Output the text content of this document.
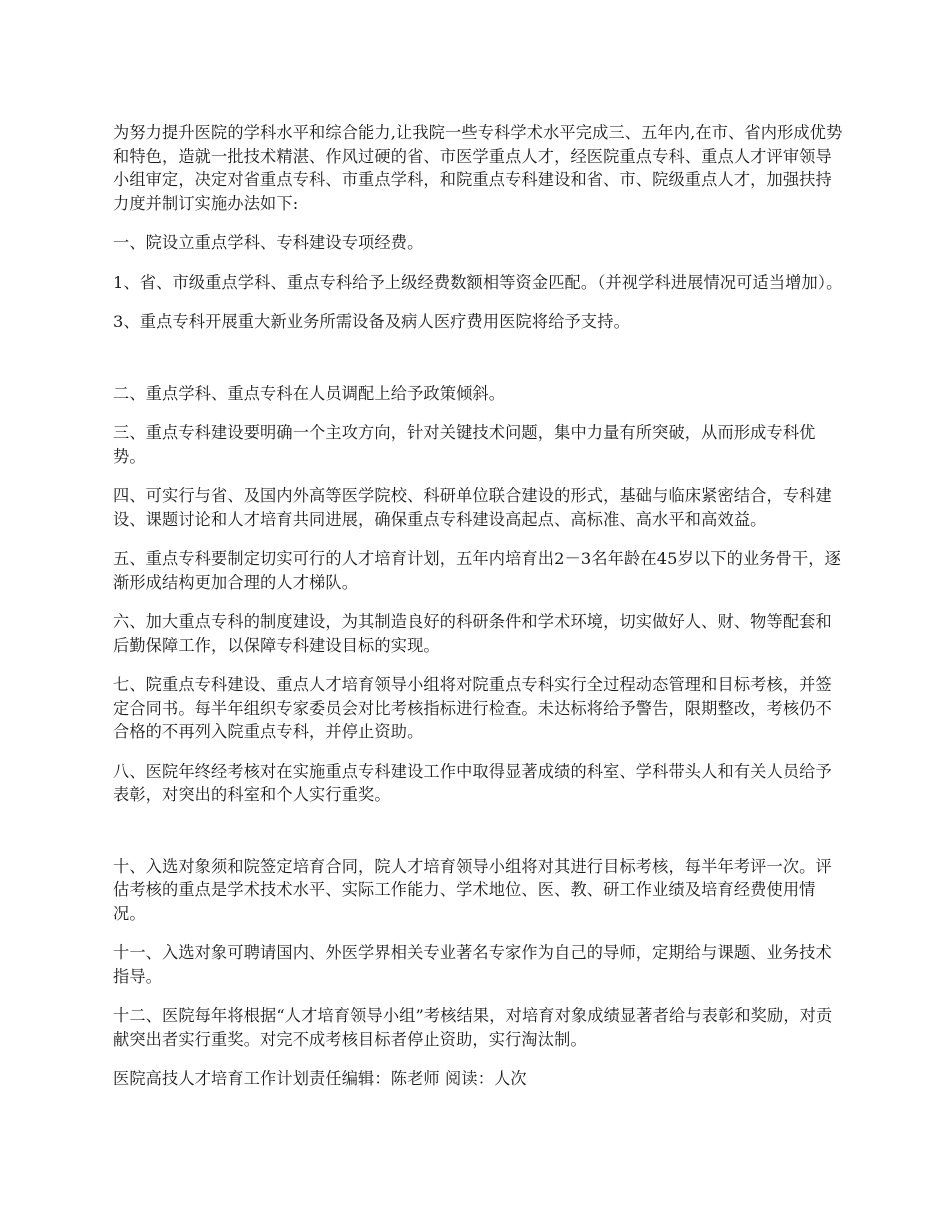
为努力提升医院的学科水平和综合能力,让我院一些专科学术水平完成三、五年内,在市、省内形成优势和特色，造就一批技术精湛、作风过硬的省、市医学重点人才，经医院重点专科、重点人才评审领导小组审定，决定对省重点专科、市重点学科，和院重点专科建设和省、市、院级重点人才，加强扶持力度并制订实施办法如下:

一、院设立重点学科、专科建设专项经费。

1、省、市级重点学科、重点专科给予上级经费数额相等资金匹配。（并视学科进展情况可适当增加）。

3、重点专科开展重大新业务所需设备及病人医疗费用医院将给予支持。

二、重点学科、重点专科在人员调配上给予政策倾斜。

三、重点专科建设要明确一个主攻方向，针对关键技术问题，集中力量有所突破，从而形成专科优势。

四、可实行与省、及国内外高等医学院校、科研单位联合建设的形式，基础与临床紧密结合，专科建设、课题讨论和人才培育共同进展，确保重点专科建设高起点、高标准、高水平和高效益。

五、重点专科要制定切实可行的人才培育计划，五年内培育出2－3名年龄在45岁以下的业务骨干，逐渐形成结构更加合理的人才梯队。

六、加大重点专科的制度建设，为其制造良好的科研条件和学术环境，切实做好人、财、物等配套和后勤保障工作，以保障专科建设目标的实现。

七、院重点专科建设、重点人才培育领导小组将对院重点专科实行全过程动态管理和目标考核，并签定合同书。每半年组织专家委员会对比考核指标进行检查。未达标将给予警告，限期整改，考核仍不合格的不再列入院重点专科，并停止资助。

八、医院年终经考核对在实施重点专科建设工作中取得显著成绩的科室、学科带头人和有关人员给予表彰，对突出的科室和个人实行重奖。

十、入选对象须和院签定培育合同，院人才培育领导小组将对其进行目标考核，每半年考评一次。评估考核的重点是学术技术水平、实际工作能力、学术地位、医、教、研工作业绩及培育经费使用情况。

十一、入选对象可聘请国内、外医学界相关专业著名专家作为自己的导师，定期给与课题、业务技术指导。

十二、医院每年将根据“人才培育领导小组”考核结果，对培育对象成绩显著者给与表彰和奖励，对贡献突出者实行重奖。对完不成考核目标者停止资助，实行淘汰制。

医院高技人才培育工作计划责任编辑：陈老师 阅读：人次
